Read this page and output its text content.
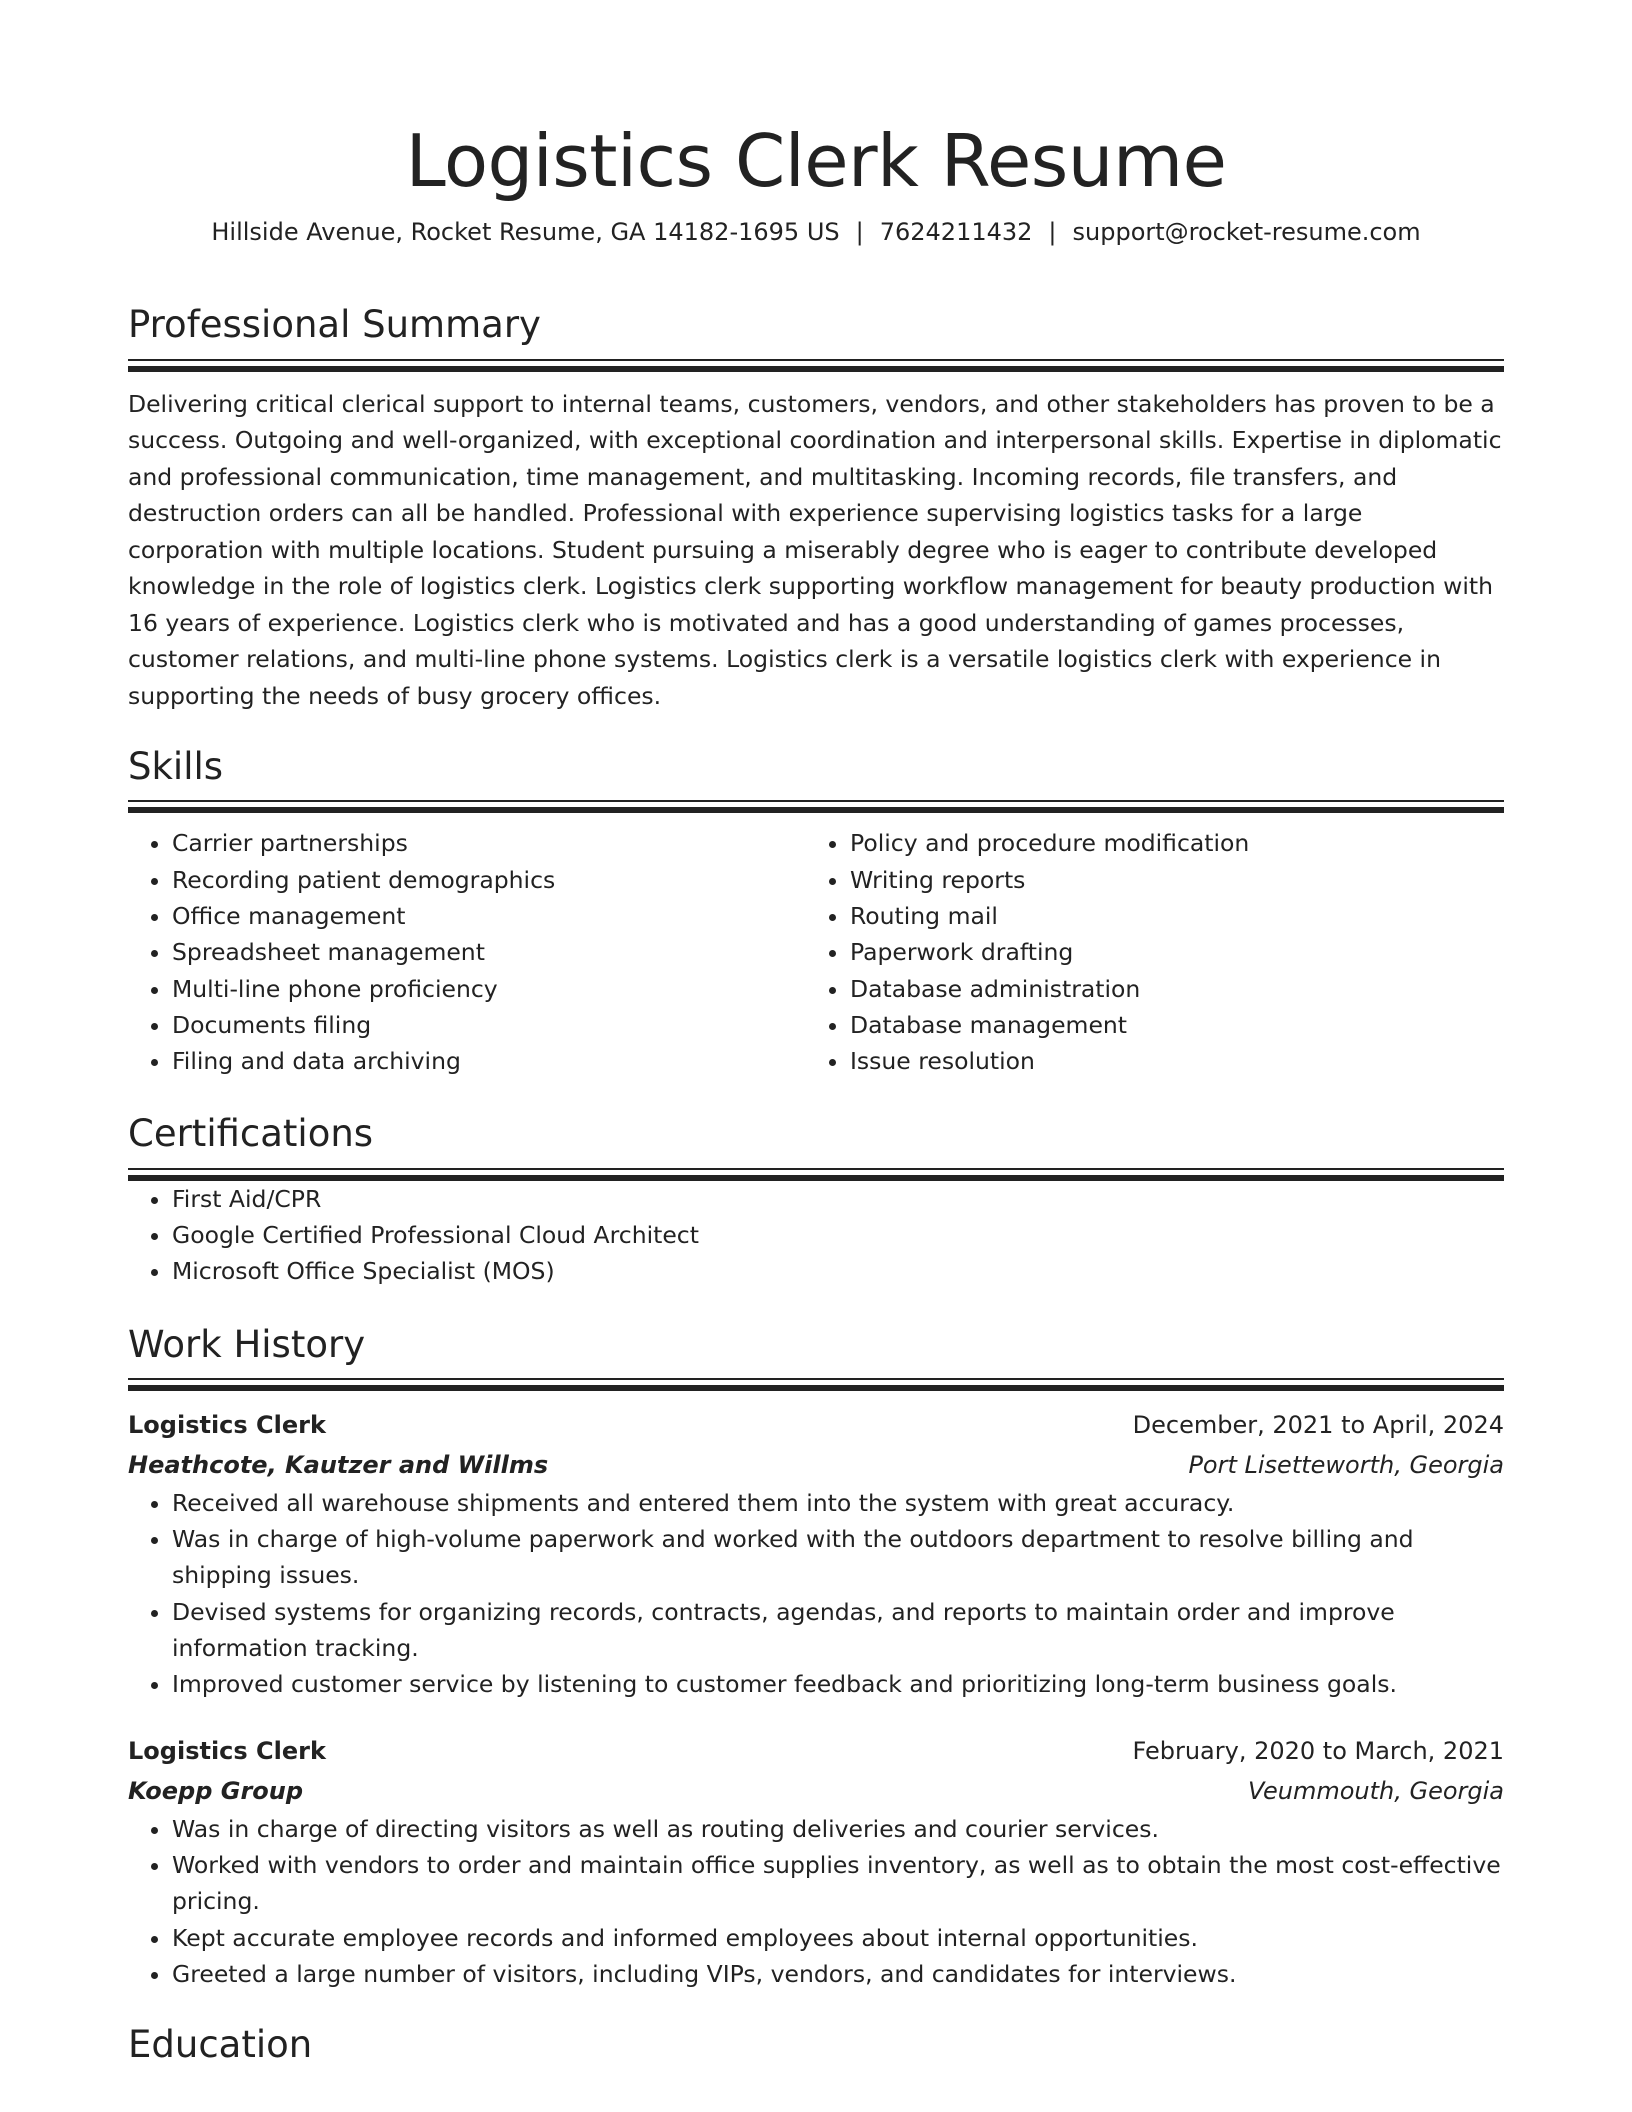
Logistics Clerk Resume
Hillside Avenue, Rocket Resume, GA 14182-1695 US | 7624211432 | support@rocket-resume.com
Professional Summary
Delivering critical clerical support to internal teams, customers, vendors, and other stakeholders has proven to be a success. Outgoing and well-organized, with exceptional coordination and interpersonal skills. Expertise in diplomatic and professional communication, time management, and multitasking. Incoming records, file transfers, and destruction orders can all be handled. Professional with experience supervising logistics tasks for a large corporation with multiple locations. Student pursuing a miserably degree who is eager to contribute developed knowledge in the role of logistics clerk. Logistics clerk supporting workflow management for beauty production with 16 years of experience. Logistics clerk who is motivated and has a good understanding of games processes, customer relations, and multi-line phone systems. Logistics clerk is a versatile logistics clerk with experience in supporting the needs of busy grocery offices.
Skills
• Carrier partnerships
• Recording patient demographics
• Office management
• Spreadsheet management
• Multi-line phone proficiency
• Documents filing
• Filing and data archiving
• Policy and procedure modification
• Writing reports
• Routing mail
• Paperwork drafting
• Database administration
• Database management
• Issue resolution
Certifications
• First Aid/CPR
• Google Certified Professional Cloud Architect
• Microsoft Office Specialist (MOS)
Work History
Logistics Clerk	December, 2021 to April, 2024
Heathcote, Kautzer and Willms	Port Lisetteworth, Georgia
• Received all warehouse shipments and entered them into the system with great accuracy.
• Was in charge of high-volume paperwork and worked with the outdoors department to resolve billing and shipping issues.
• Devised systems for organizing records, contracts, agendas, and reports to maintain order and improve information tracking.
• Improved customer service by listening to customer feedback and prioritizing long-term business goals.
Logistics Clerk	February, 2020 to March, 2021
Koepp Group	Veummouth, Georgia
• Was in charge of directing visitors as well as routing deliveries and courier services.
• Worked with vendors to order and maintain office supplies inventory, as well as to obtain the most cost-effective pricing.
• Kept accurate employee records and informed employees about internal opportunities.
• Greeted a large number of visitors, including VIPs, vendors, and candidates for interviews.
Education
